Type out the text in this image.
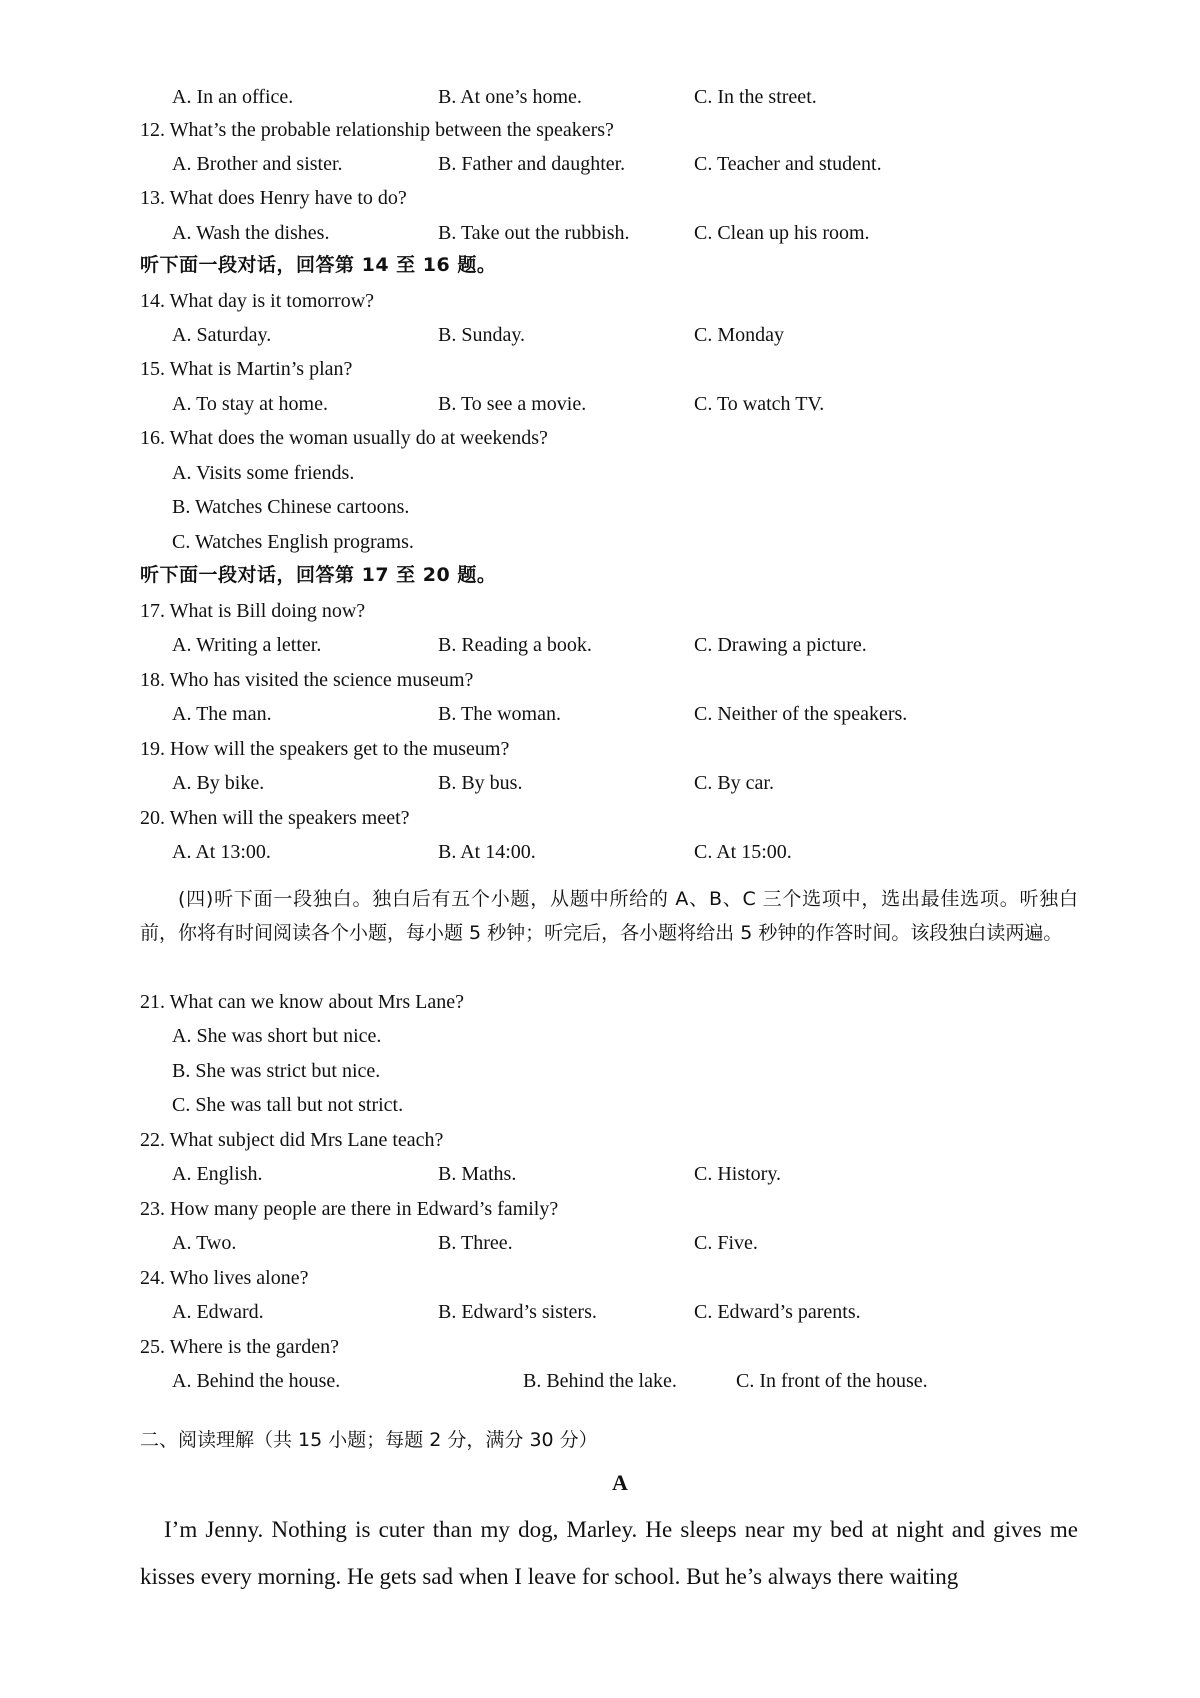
A. In an office.	B. At one’s home.	C. In the street.
12. What’s the probable relationship between the speakers?
A. Brother and sister.	B. Father and daughter.	C. Teacher and student.
13. What does Henry have to do?
A. Wash the dishes.	B. Take out the rubbish.	C. Clean up his room.
听下面一段对话，回答第 14 至 16 题。
14. What day is it tomorrow?
A. Saturday.	B. Sunday.	C. Monday
15. What is Martin’s plan?
A. To stay at home.	B. To see a movie.	C. To watch TV.
16. What does the woman usually do at weekends?
A. Visits some friends.
B. Watches Chinese cartoons.
C. Watches English programs.
听下面一段对话，回答第 17 至 20 题。
17. What is Bill doing now?
A. Writing a letter.	B. Reading a book.	C. Drawing a picture.
18. Who has visited the science museum?
A. The man.	B. The woman.	C. Neither of the speakers.
19. How will the speakers get to the museum?
A. By bike.	B. By bus.	C. By car.
20. When will the speakers meet?
A. At 13:00.	B. At 14:00.	C. At 15:00.
(四)听下面一段独白。独白后有五个小题，从题中所给的 A、B、C 三个选项中，选出最佳选项。听独白前，你将有时间阅读各个小题，每小题 5 秒钟；听完后，各小题将给出 5 秒钟的作答时间。该段独白读两遍。
21. What can we know about Mrs Lane?
A. She was short but nice.
B. She was strict but nice.
C. She was tall but not strict.
22. What subject did Mrs Lane teach?
A. English.	B. Maths.	C. History.
23. How many people are there in Edward’s family?
A. Two.	B. Three.	C. Five.
24. Who lives alone?
A. Edward.	B. Edward’s sisters.	C. Edward’s parents.
25. Where is the garden?
A. Behind the house.	B. Behind the lake.	C. In front of the house.
二、阅读理解（共 15 小题；每题 2 分，满分 30 分）
A
I’m Jenny. Nothing is cuter than my dog, Marley. He sleeps near my bed at night and gives me kisses every morning. He gets sad when I leave for school. But he’s always there waiting
